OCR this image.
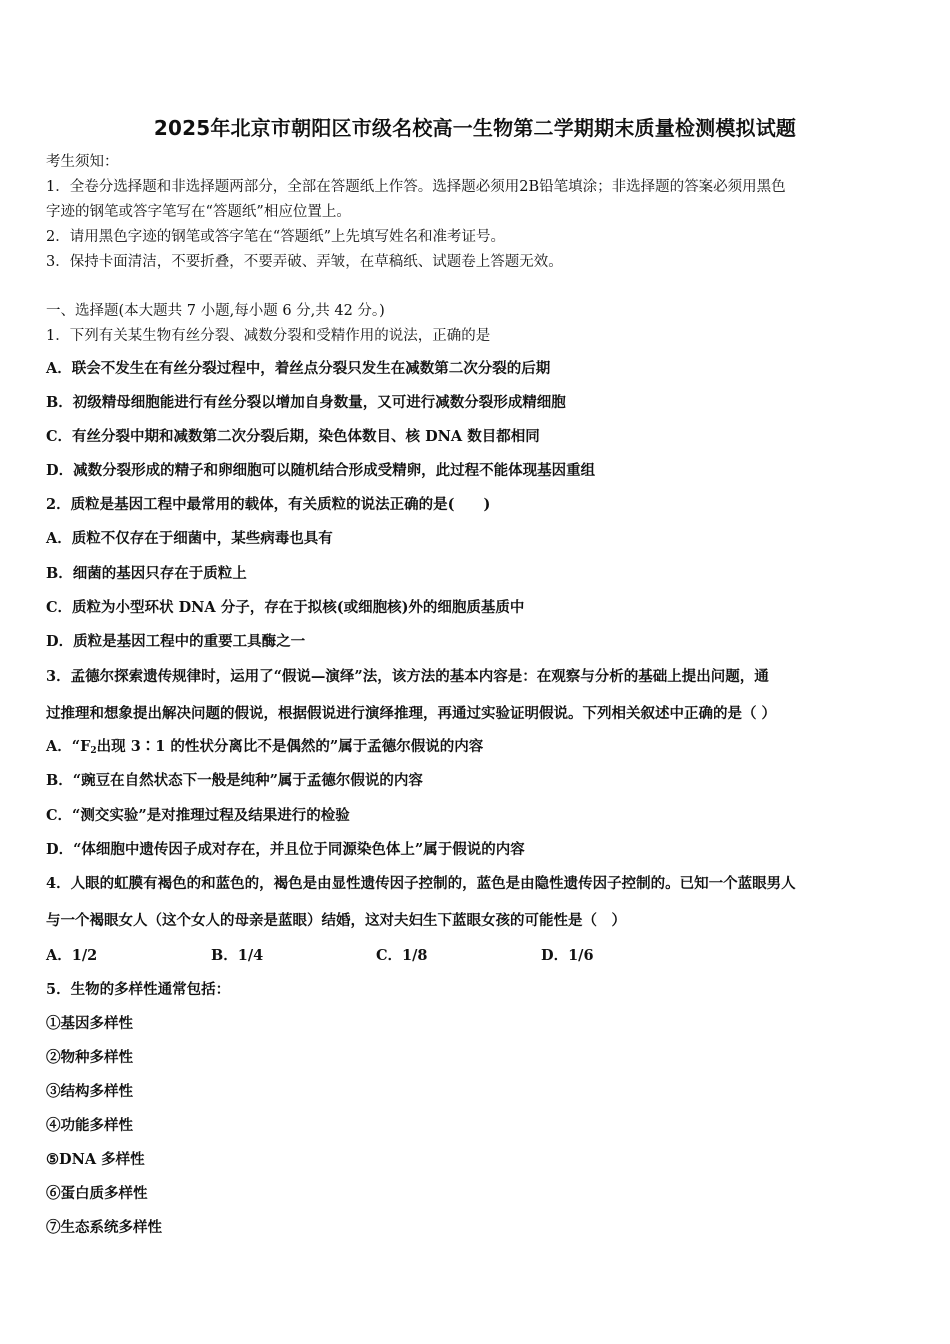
2025年北京市朝阳区市级名校高一生物第二学期期末质量检测模拟试题
考生须知：
1．全卷分选择题和非选择题两部分，全部在答题纸上作答。选择题必须用2B铅笔填涂；非选择题的答案必须用黑色
字迹的钢笔或答字笔写在“答题纸”相应位置上。
2．请用黑色字迹的钢笔或答字笔在“答题纸”上先填写姓名和准考证号。
3．保持卡面清洁，不要折叠，不要弄破、弄皱，在草稿纸、试题卷上答题无效。
一、选择题(本大题共 7 小题,每小题 6 分,共 42 分。)
1．下列有关某生物有丝分裂、减数分裂和受精作用的说法，正确的是
A．联会不发生在有丝分裂过程中，着丝点分裂只发生在减数第二次分裂的后期
B．初级精母细胞能进行有丝分裂以增加自身数量，又可进行减数分裂形成精细胞
C．有丝分裂中期和减数第二次分裂后期，染色体数目、核 DNA 数目都相同
D．减数分裂形成的精子和卵细胞可以随机结合形成受精卵，此过程不能体现基因重组
2．质粒是基因工程中最常用的载体，有关质粒的说法正确的是(　　)
A．质粒不仅存在于细菌中，某些病毒也具有
B．细菌的基因只存在于质粒上
C．质粒为小型环状 DNA 分子，存在于拟核(或细胞核)外的细胞质基质中
D．质粒是基因工程中的重要工具酶之一
3．孟德尔探索遗传规律时，运用了“假说—演绎”法，该方法的基本内容是：在观察与分析的基础上提出问题，通
过推理和想象提出解决问题的假说，根据假说进行演绎推理，再通过实验证明假说。下列相关叙述中正确的是（ ）
A．“$F_2$出现 3∶1 的性状分离比不是偶然的”属于孟德尔假说的内容
B．“豌豆在自然状态下一般是纯种”属于孟德尔假说的内容
C．“测交实验”是对推理过程及结果进行的检验
D．“体细胞中遗传因子成对存在，并且位于同源染色体上”属于假说的内容
4．人眼的虹膜有褐色的和蓝色的，褐色是由显性遗传因子控制的，蓝色是由隐性遗传因子控制的。已知一个蓝眼男人
与一个褐眼女人（这个女人的母亲是蓝眼）结婚，这对夫妇生下蓝眼女孩的可能性是（　）
A．1/2	B．1/4	C．1/8	D．1/6
5．生物的多样性通常包括：
①基因多样性
②物种多样性
③结构多样性
④功能多样性
⑤DNA 多样性
⑥蛋白质多样性
⑦生态系统多样性
